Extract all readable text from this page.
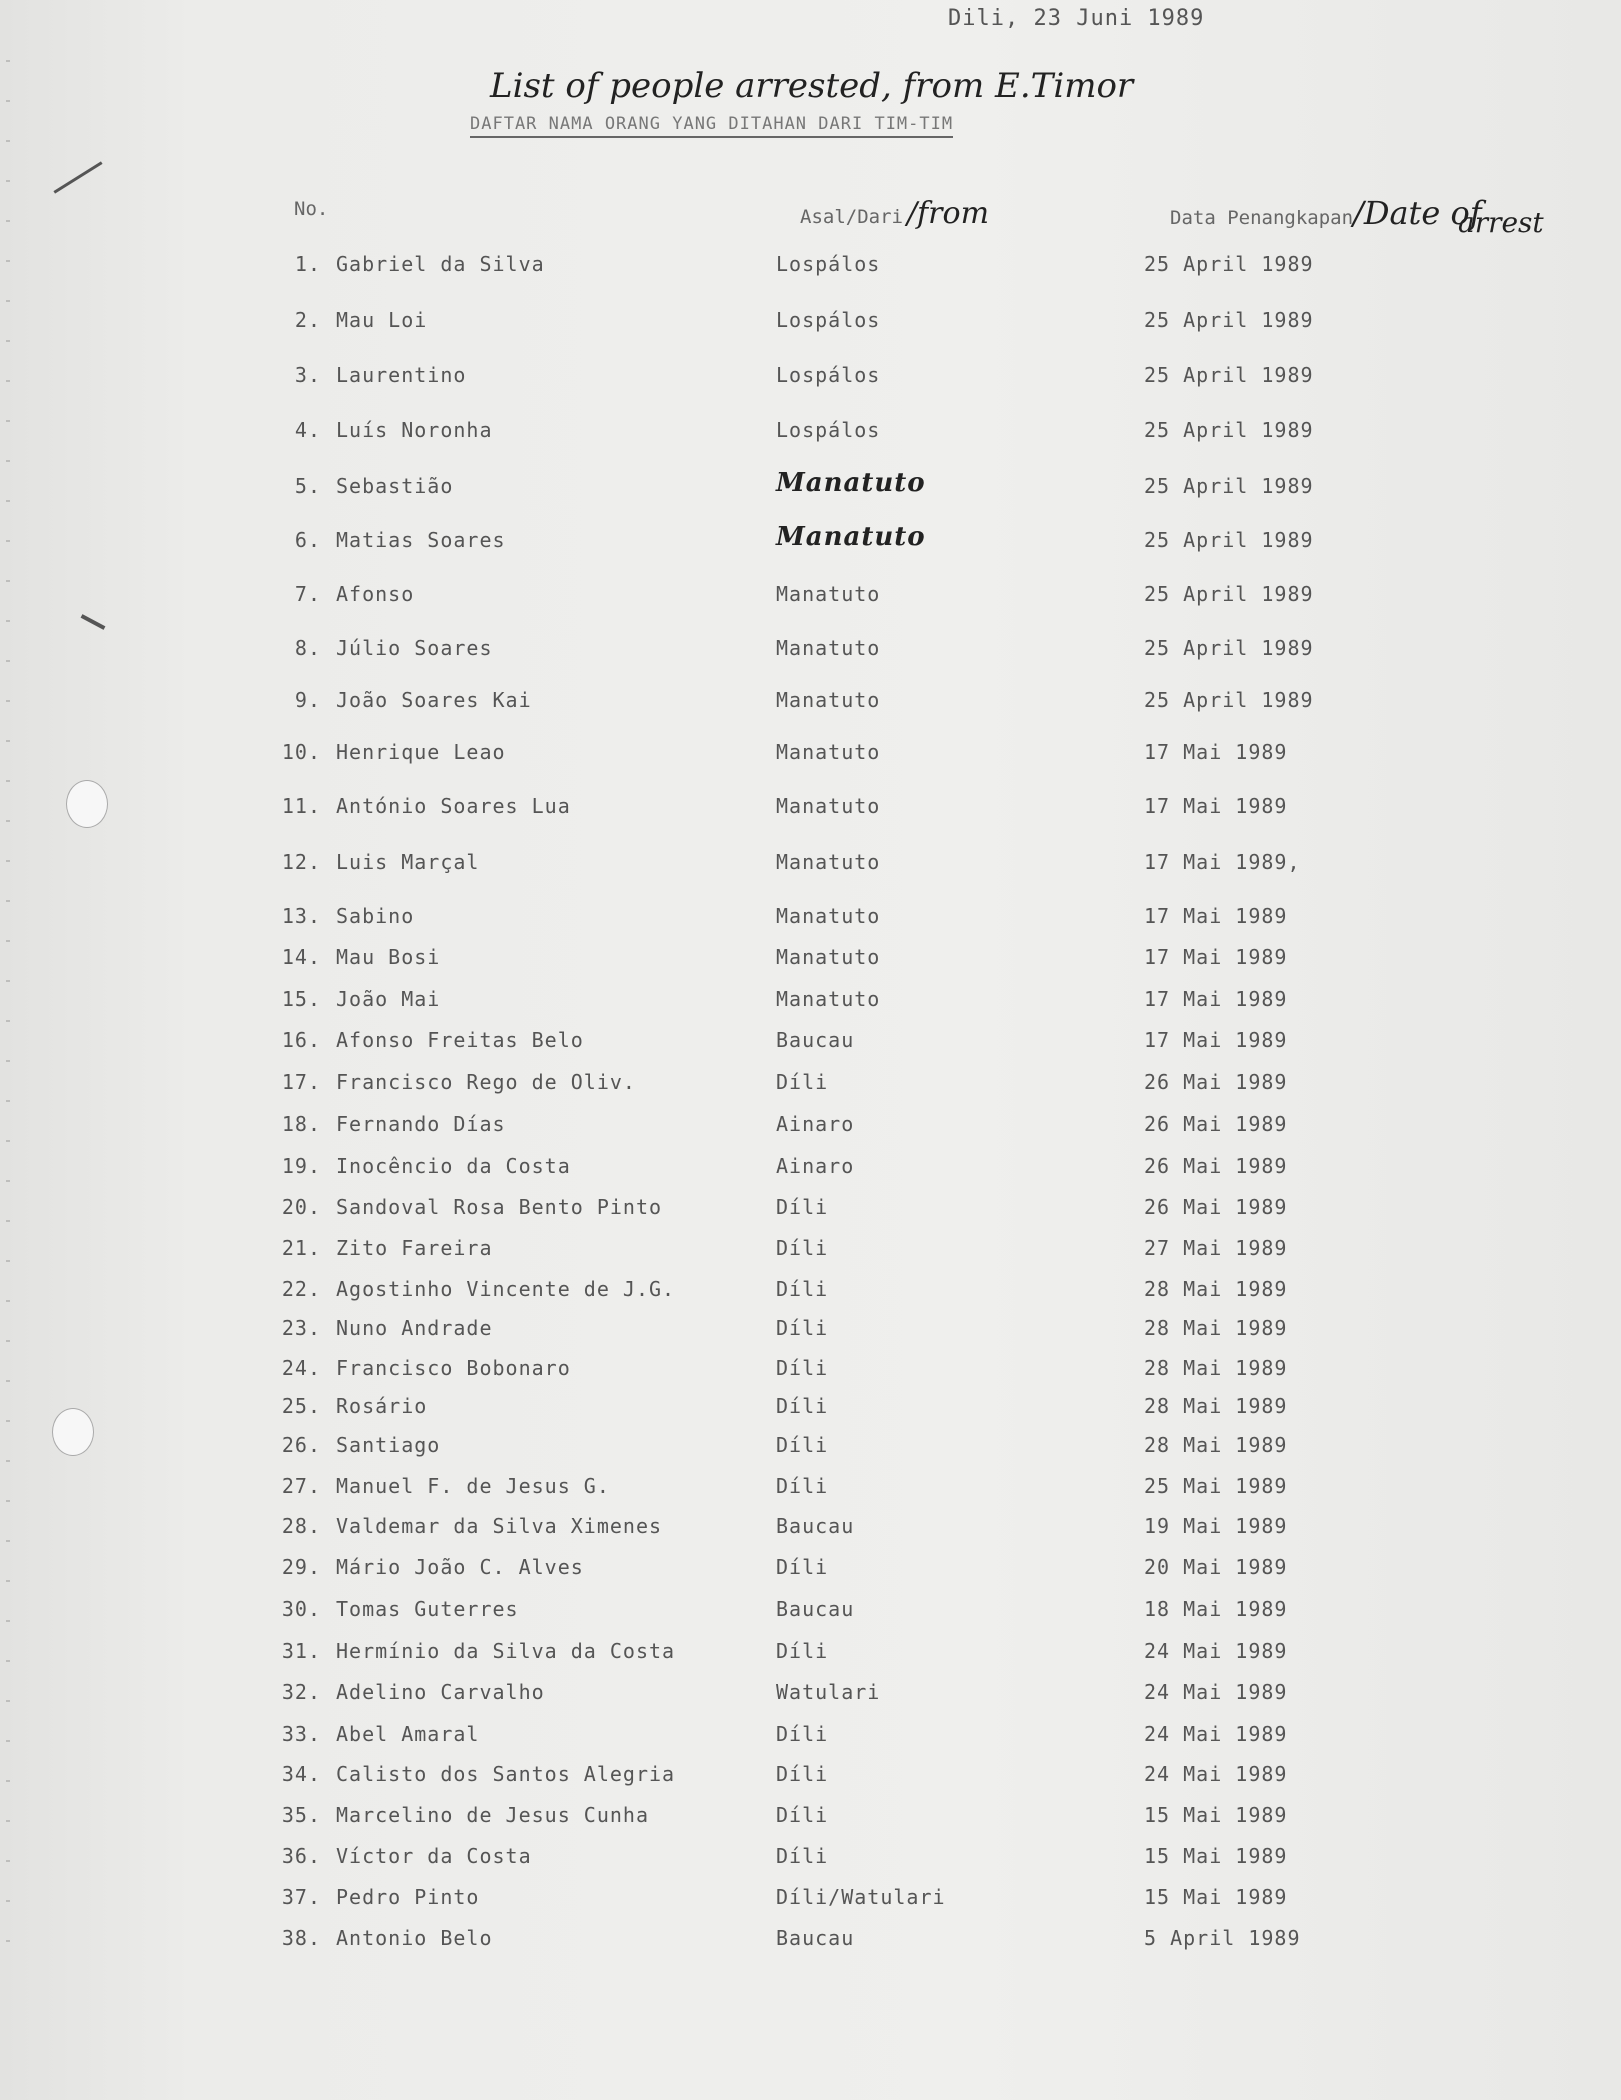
Dili, 23 Juni 1989
List of people arrested, from E.Timor
DAFTAR NAMA ORANG YANG DITAHAN DARI TIM-TIM
No.	Asal/Dari /from	Data Penangkapan/Date of
arrest
1. Gabriel da Silva	Lospálos	25 April 1989
2. Mau Loi	Lospálos	25 April 1989
3. Laurentino	Lospálos	25 April 1989
4. Luís Noronha	Lospálos	25 April 1989
5. Sebastião	Manatuto	25 April 1989
6. Matias Soares	Manatuto	25 April 1989
7. Afonso	Manatuto	25 April 1989
8. Júlio Soares	Manatuto	25 April 1989
9. João Soares Kai	Manatuto	25 April 1989
10. Henrique Leao	Manatuto	17 Mai 1989
11. António Soares Lua	Manatuto	17 Mai 1989
12. Luis Marçal	Manatuto	17 Mai 1989,
13. Sabino	Manatuto	17 Mai 1989
14. Mau Bosi	Manatuto	17 Mai 1989
15. João Mai	Manatuto	17 Mai 1989
16. Afonso Freitas Belo	Baucau	17 Mai 1989
17. Francisco Rego de Oliv.	Díli	26 Mai 1989
18. Fernando Días	Ainaro	26 Mai 1989
19. Inocêncio da Costa	Ainaro	26 Mai 1989
20. Sandoval Rosa Bento Pinto	Díli	26 Mai 1989
21. Zito Fareira	Díli	27 Mai 1989
22. Agostinho Vincente de J.G.	Díli	28 Mai 1989
23. Nuno Andrade	Díli	28 Mai 1989
24. Francisco Bobonaro	Díli	28 Mai 1989
25. Rosário	Díli	28 Mai 1989
26. Santiago	Díli	28 Mai 1989
27. Manuel F. de Jesus G.	Díli	25 Mai 1989
28. Valdemar da Silva Ximenes	Baucau	19 Mai 1989
29. Mário João C. Alves	Díli	20 Mai 1989
30. Tomas Guterres	Baucau	18 Mai 1989
31. Hermínio da Silva da Costa	Díli	24 Mai 1989
32. Adelino Carvalho	Watulari	24 Mai 1989
33. Abel Amaral	Díli	24 Mai 1989
34. Calisto dos Santos Alegria	Díli	24 Mai 1989
35. Marcelino de Jesus Cunha	Díli	15 Mai 1989
36. Víctor da Costa	Díli	15 Mai 1989
37. Pedro Pinto	Díli/Watulari	15 Mai 1989
38. Antonio Belo	Baucau	5 April 1989
